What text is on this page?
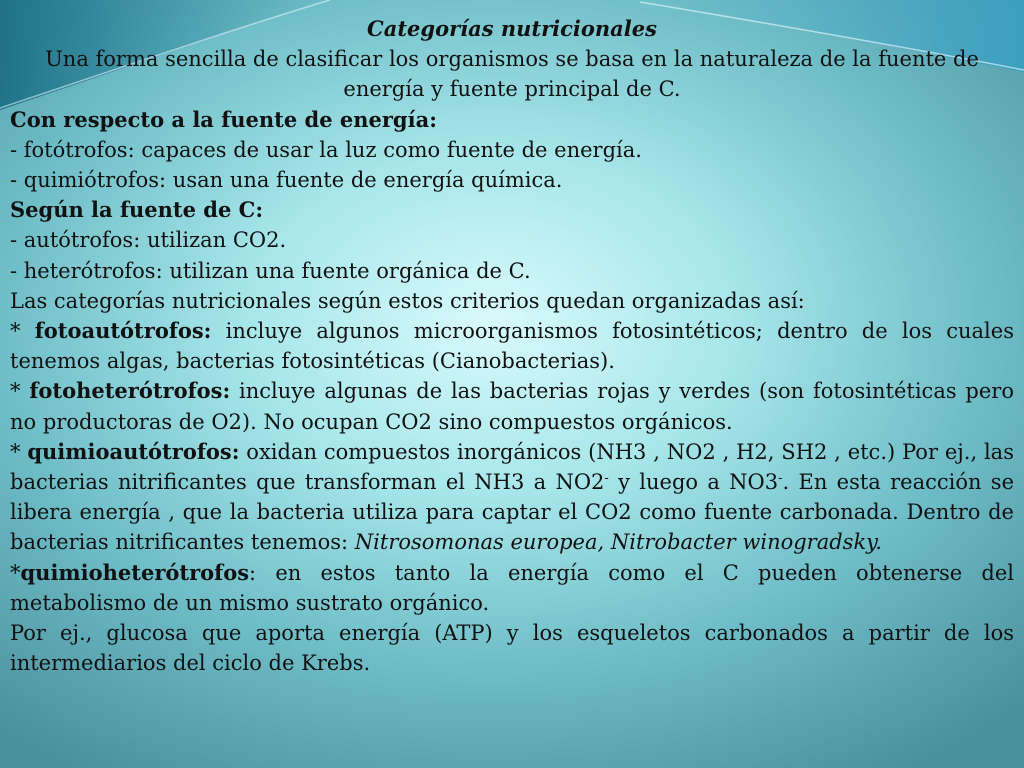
Categorías nutricionales

Una forma sencilla de clasificar los organismos se basa en la naturaleza de la fuente de energía y fuente principal de C.

Con respecto a la fuente de energía:

- fotótrofos: capaces de usar la luz como fuente de energía.

- quimiótrofos: usan una fuente de energía química.

Según la fuente de C:

- autótrofos: utilizan CO2.

- heterótrofos: utilizan una fuente orgánica de C.

Las categorías nutricionales según estos criterios quedan organizadas así:

* fotoautótrofos: incluye algunos microorganismos fotosintéticos; dentro de los cuales tenemos algas, bacterias fotosintéticas (Cianobacterias).

* fotoheterótrofos: incluye algunas de las bacterias rojas y verdes (son fotosintéticas pero no productoras de O2). No ocupan CO2 sino compuestos orgánicos.

* quimioautótrofos: oxidan compuestos inorgánicos (NH3 , NO2 , H2, SH2 , etc.) Por ej., las bacterias nitrificantes que transforman el NH3 a NO2- y luego a NO3-. En esta reacción se libera energía , que la bacteria utiliza para captar el CO2 como fuente carbonada. Dentro de bacterias nitrificantes tenemos: Nitrosomonas europea, Nitrobacter winogradsky.

*quimioheterótrofos: en estos tanto la energía como el C pueden obtenerse del metabolismo de un mismo sustrato orgánico.

Por ej., glucosa que aporta energía (ATP) y los esqueletos carbonados a partir de los intermediarios del ciclo de Krebs.
